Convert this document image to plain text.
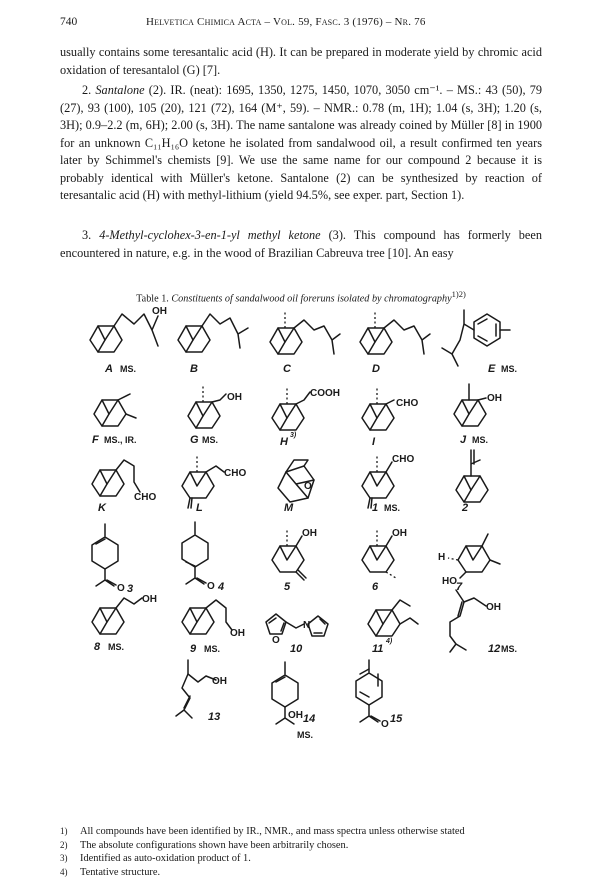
740	Helvetica Chimica Acta – Vol. 59, Fasc. 3 (1976) – Nr. 76

usually contains some teresantalic acid (H). It can be prepared in moderate yield by chromic acid oxidation of teresantalol (G) [7].

2. Santalone (2). IR. (neat): 1695, 1350, 1275, 1450, 1070, 3050 cm⁻¹. – MS.: 43 (50), 79 (27), 93 (100), 105 (20), 121 (72), 164 (M⁺, 59). – NMR.: 0.78 (m, 1H); 1.04 (s, 3H); 1.20 (s, 3H); 0.9–2.2 (m, 6H); 2.00 (s, 3H). The name santalone was already coined by Müller [8] in 1900 for an unknown C₁₁H₁₆O ketone he isolated from sandalwood oil, a result confirmed ten years later by Schimmel's chemists [9]. We use the same name for our compound 2 because it is probably identical with Müller's ketone. Santalone (2) can be synthesized by reaction of teresantalic acid (H) with methyl-lithium (yield 94.5%, see exper. part, Section 1).

3. 4-Methyl-cyclohex-3-en-1-yl methyl ketone (3). This compound has formerly been encountered in nature, e.g. in the wood of Brazilian Cabreuva tree [10]. An easy

Table 1. Constituents of sandalwood oil foreruns isolated by chromatography$^{1)2)}$
OH
A MS.	B	C	D	E MS.
F MS., IR.
OH
G MS.
COOH
H
3)
CHO
I
OH
J MS.
CHO
K
CHO
L
O
M
CHO
1 MS.	2
O 3	O 4
OH
5
OH
6
H
HO 7
OH
8 MS.
OH
9 MS.
O
N
10	11
4)
OH
12 MS.
OH
13	OH 14
MS.
O 15
1) All compounds have been identified by IR., NMR., and mass spectra unless otherwise stated
2) The absolute configurations shown have been arbitrarily chosen.
3) Identified as auto-oxidation product of 1.
4) Tentative structure.
